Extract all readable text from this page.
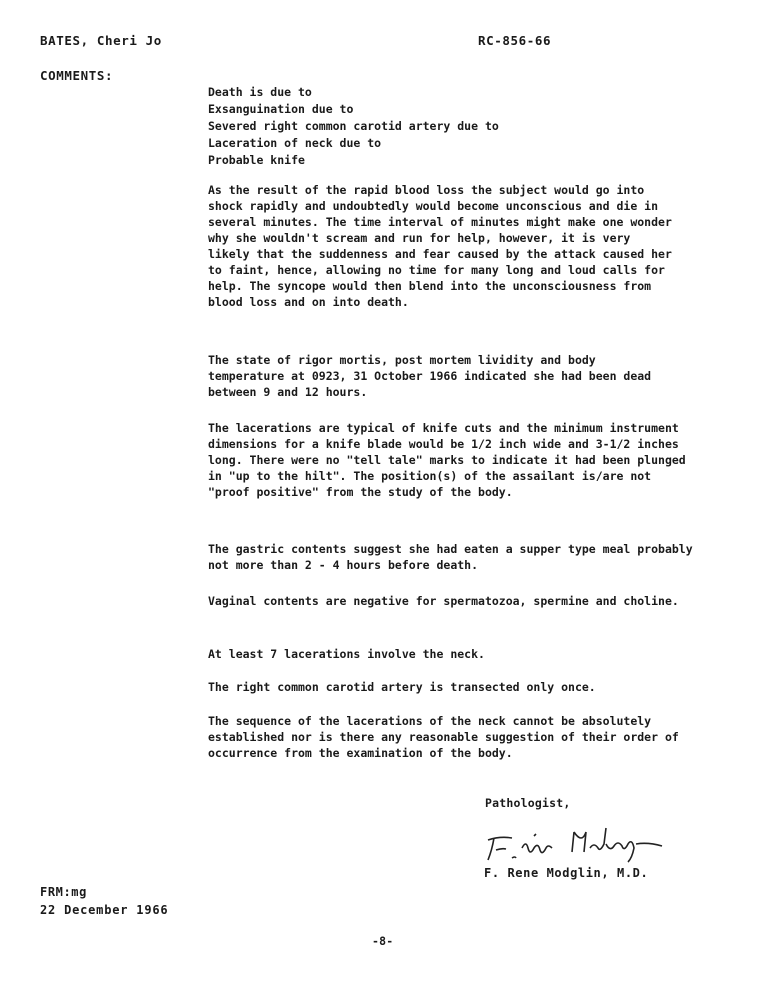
BATES, Cheri Jo	RC-856-66
COMMENTS:
Death is due to
Exsanguination due to
Severed right common carotid artery due to
Laceration of neck due to
Probable knife

As the result of the rapid blood loss the subject would go into shock rapidly and undoubtedly would become unconscious and die in several minutes. The time interval of minutes might make one wonder why she wouldn't scream and run for help, however, it is very likely that the suddenness and fear caused by the attack caused her to faint, hence, allowing no time for many long and loud calls for help. The syncope would then blend into the unconsciousness from blood loss and on into death.

The state of rigor mortis, post mortem lividity and body temperature at 0923, 31 October 1966 indicated she had been dead between 9 and 12 hours.

The lacerations are typical of knife cuts and the minimum instrument dimensions for a knife blade would be 1/2 inch wide and 3-1/2 inches long. There were no "tell tale" marks to indicate it had been plunged in "up to the hilt". The position(s) of the assailant is/are not "proof positive" from the study of the body.

The gastric contents suggest she had eaten a supper type meal probably not more than 2 - 4 hours before death.

Vaginal contents are negative for spermatozoa, spermine and choline.

At least 7 lacerations involve the neck.

The right common carotid artery is transected only once.

The sequence of the lacerations of the neck cannot be absolutely established nor is there any reasonable suggestion of their order of occurrence from the examination of the body.

Pathologist,
F. Rene Modglin, M.D.
FRM:mg
22 December 1966
-8-
